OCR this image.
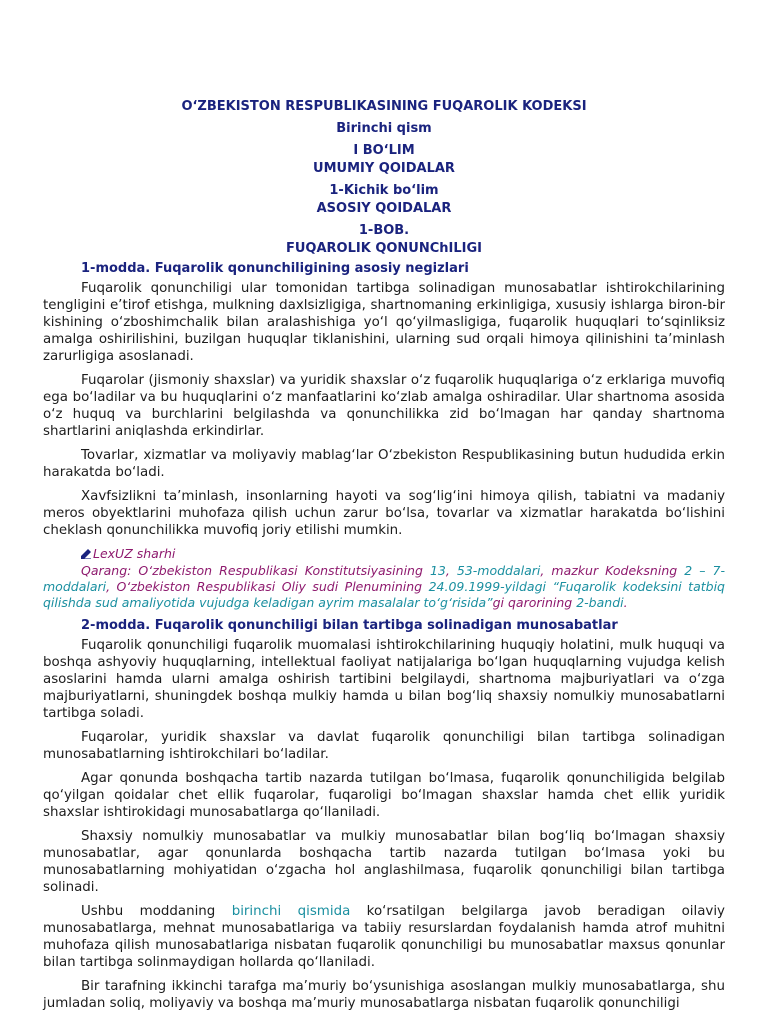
O‘ZBEKISTON RESPUBLIKASINING FUQAROLIK KODEKSI
Birinchi qism
I BO‘LIM
UMUMIY QOIDALAR
1-Kichik bo‘lim
ASOSIY QOIDALAR
1-BOB.
FUQAROLIK QONUNChILIGI
1-modda. Fuqarolik qonunchiligining asosiy negizlari

Fuqarolik qonunchiligi ular tomonidan tartibga solinadigan munosabatlar ishtirokchilarining tengligini e’tirof etishga, mulkning daxlsizligiga, shartnomaning erkinligiga, xususiy ishlarga biron-bir kishining o‘zboshimchalik bilan aralashishiga yo‘l qo‘yilmasligiga, fuqarolik huquqlari to‘sqinliksiz amalga oshirilishini, buzilgan huquqlar tiklanishini, ularning sud orqali himoya qilinishini ta’minlash zarurligiga asoslanadi.

Fuqarolar (jismoniy shaxslar) va yuridik shaxslar o‘z fuqarolik huquqlariga o‘z erklariga muvofiq ega bo‘ladilar va bu huquqlarini o‘z manfaatlarini ko‘zlab amalga oshiradilar. Ular shartnoma asosida o‘z huquq va burchlarini belgilashda va qonunchilikka zid bo‘lmagan har qanday shartnoma shartlarini aniqlashda erkindirlar.

Tovarlar, xizmatlar va moliyaviy mablag‘lar O‘zbekiston Respublikasining butun hududida erkin harakatda bo‘ladi.

Xavfsizlikni ta’minlash, insonlarning hayoti va sog‘lig‘ini himoya qilish, tabiatni va madaniy meros obyektlarini muhofaza qilish uchun zarur bo‘lsa, tovarlar va xizmatlar harakatda bo‘lishini cheklash qonunchilikka muvofiq joriy etilishi mumkin.

LexUZ sharhi
Qarang: O‘zbekiston Respublikasi Konstitutsiyasining 13, 53-moddalari, mazkur Kodeksning 2 – 7-moddalari, O‘zbekiston Respublikasi Oliy sudi Plenumining 24.09.1999-yildagi “Fuqarolik kodeksini tatbiq qilishda sud amaliyotida vujudga keladigan ayrim masalalar to‘g‘risida”gi qarorining 2-bandi.
2-modda. Fuqarolik qonunchiligi bilan tartibga solinadigan munosabatlar

Fuqarolik qonunchiligi fuqarolik muomalasi ishtirokchilarining huquqiy holatini, mulk huquqi va boshqa ashyoviy huquqlarning, intellektual faoliyat natijalariga bo‘lgan huquqlarning vujudga kelish asoslarini hamda ularni amalga oshirish tartibini belgilaydi, shartnoma majburiyatlari va o‘zga majburiyatlarni, shuningdek boshqa mulkiy hamda u bilan bog‘liq shaxsiy nomulkiy munosabatlarni tartibga soladi.

Fuqarolar, yuridik shaxslar va davlat fuqarolik qonunchiligi bilan tartibga solinadigan munosabatlarning ishtirokchilari bo‘ladilar.

Agar qonunda boshqacha tartib nazarda tutilgan bo‘lmasa, fuqarolik qonunchiligida belgilab qo‘yilgan qoidalar chet ellik fuqarolar, fuqaroligi bo‘lmagan shaxslar hamda chet ellik yuridik shaxslar ishtirokidagi munosabatlarga qo‘llaniladi.

Shaxsiy nomulkiy munosabatlar va mulkiy munosabatlar bilan bog‘liq bo‘lmagan shaxsiy munosabatlar, agar qonunlarda boshqacha tartib nazarda tutilgan bo‘lmasa yoki bu munosabatlarning mohiyatidan o‘zgacha hol anglashilmasa, fuqarolik qonunchiligi bilan tartibga solinadi.

Ushbu moddaning birinchi qismida ko‘rsatilgan belgilarga javob beradigan oilaviy munosabatlarga, mehnat munosabatlariga va tabiiy resurslardan foydalanish hamda atrof muhitni muhofaza qilish munosabatlariga nisbatan fuqarolik qonunchiligi bu munosabatlar maxsus qonunlar bilan tartibga solinmaydigan hollarda qo‘llaniladi.

Bir tarafning ikkinchi tarafga ma’muriy bo‘ysunishiga asoslangan mulkiy munosabatlarga, shu jumladan soliq, moliyaviy va boshqa ma’muriy munosabatlarga nisbatan fuqarolik qonunchiligi
